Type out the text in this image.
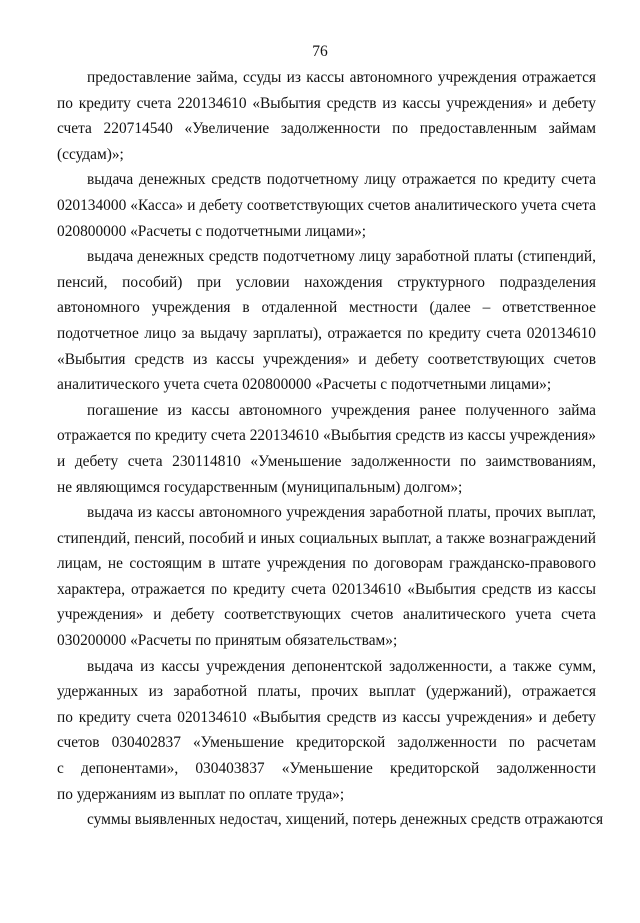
76

предоставление займа, ссуды из кассы автономного учреждения отражается
по кредиту счета 220134610 «Выбытия средств из кассы учреждения» и дебету
счета 220714540 «Увеличение задолженности по предоставленным займам
(ссудам)»;

выдача денежных средств подотчетному лицу отражается по кредиту счета
020134000 «Касса» и дебету соответствующих счетов аналитического учета счета
020800000 «Расчеты с подотчетными лицами»;

выдача денежных средств подотчетному лицу заработной платы (стипендий,
пенсий, пособий) при условии нахождения структурного подразделения
автономного учреждения в отдаленной местности (далее – ответственное
подотчетное лицо за выдачу зарплаты), отражается по кредиту счета 020134610
«Выбытия средств из кассы учреждения» и дебету соответствующих счетов
аналитического учета счета 020800000 «Расчеты с подотчетными лицами»;

погашение из кассы автономного учреждения ранее полученного займа
отражается по кредиту счета 220134610 «Выбытия средств из кассы учреждения»
и дебету счета 230114810 «Уменьшение задолженности по заимствованиям,
не являющимся государственным (муниципальным) долгом»;

выдача из кассы автономного учреждения заработной платы, прочих выплат,
стипендий, пенсий, пособий и иных социальных выплат, а также вознаграждений
лицам, не состоящим в штате учреждения по договорам гражданско-правового
характера, отражается по кредиту счета 020134610 «Выбытия средств из кассы
учреждения» и дебету соответствующих счетов аналитического учета счета
030200000 «Расчеты по принятым обязательствам»;

выдача из кассы учреждения депонентской задолженности, а также сумм,
удержанных из заработной платы, прочих выплат (удержаний), отражается
по кредиту счета 020134610 «Выбытия средств из кассы учреждения» и дебету
счетов 030402837 «Уменьшение кредиторской задолженности по расчетам
с депонентами», 030403837 «Уменьшение кредиторской задолженности
по удержаниям из выплат по оплате труда»;

суммы выявленных недостач, хищений, потерь денежных средств отражаются
